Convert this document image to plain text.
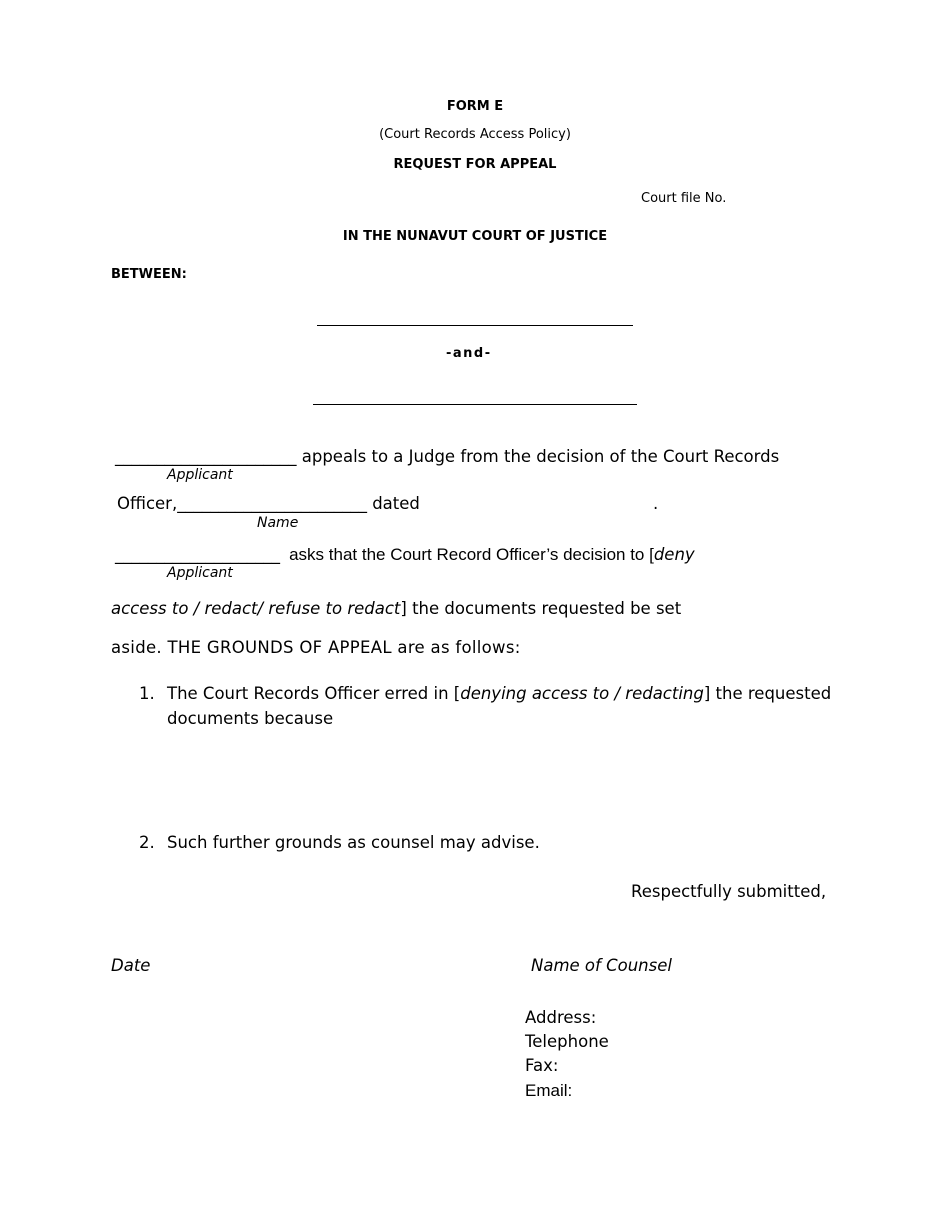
FORM E
(Court Records Access Policy)
REQUEST FOR APPEAL
Court file No.
IN THE NUNAVUT COURT OF JUSTICE
BETWEEN:
-and-
______________________ appeals to a Judge from the decision of the Court Records
Applicant
Officer,_______________________ dated	.
Name
____________________ asks that the Court Record Officer’s decision to [deny
Applicant
access to / redact/ refuse to redact] the documents requested be set
aside. THE GROUNDS OF APPEAL are as follows:
1. The Court Records Officer erred in [denying access to / redacting] the requested
documents because
2. Such further grounds as counsel may advise.
Respectfully submitted,
Date	Name of Counsel
Address:
Telephone
Fax:
Email:
